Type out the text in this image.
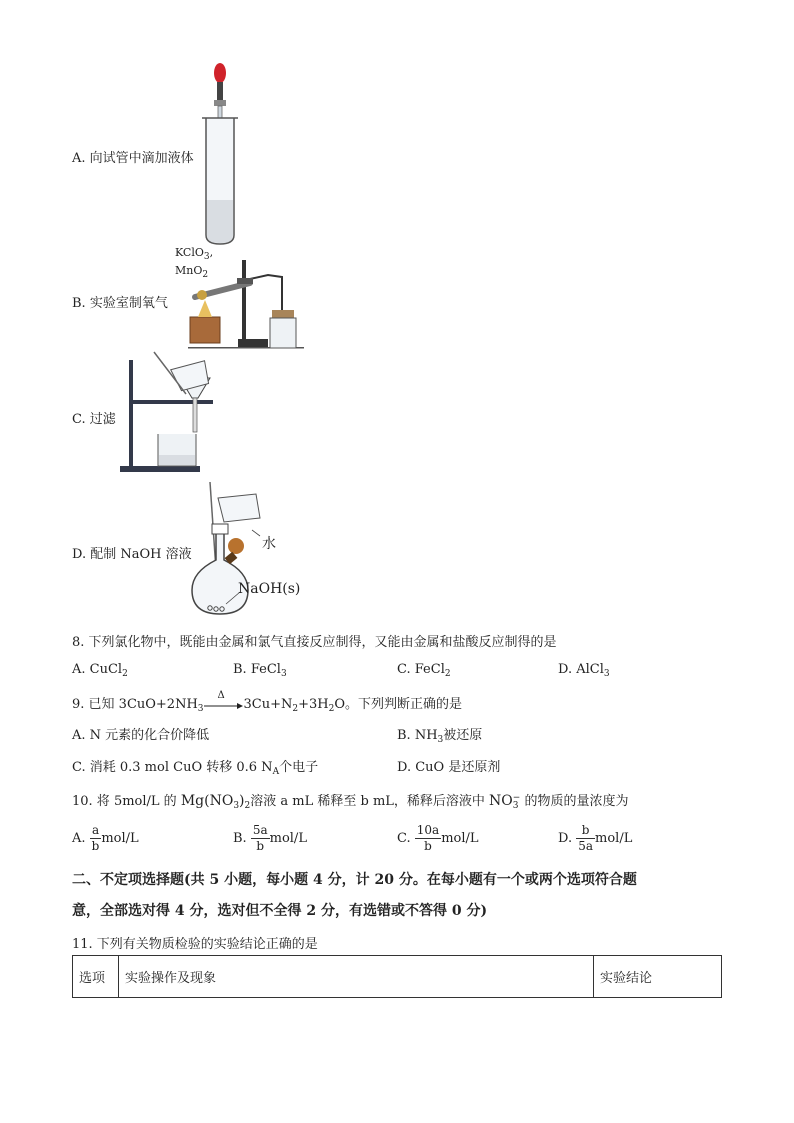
A. 向试管中滴加液体
B. 实验室制氧气
KClO$_3$,
MnO$_2$
C. 过滤
D. 配制 NaOH 溶液
水
NaOH(s)
8. 下列氯化物中，既能由金属和氯气直接反应制得，又能由金属和盐酸反应制得的是
A. CuCl$_2$	B. FeCl$_3$	C. FeCl$_2$	D. AlCl$_3$
9. 已知 $3CuO+2NH_3$
Δ
$3Cu+N_2+3H_2O$。下列判断正确的是
A. N 元素的化合价降低	B. $NH_3$被还原
C. 消耗 0.3 mol CuO 转移 0.6 $N_A$个电子	D. CuO 是还原剂
10. 将 5mol/L 的 $Mg(NO_3)_2$溶液 a mL 稀释至 b mL，稀释后溶液中 NO −
3 的物质的量浓度为
A. $\frac{a}{b} mol/L$	B. $\frac{5a}{b} mol/L$	C. $\frac{10a}{b} mol/L$	D. $\frac{b}{5a} mol/L$
二、不定项选择题(共 5 小题，每小题 4 分，计 20 分。在每小题有一个或两个选项符合题
意，全部选对得 4 分，选对但不全得 2 分，有选错或不答得 0 分)
11. 下列有关物质检验的实验结论正确的是
选项	实验操作及现象	实验结论
